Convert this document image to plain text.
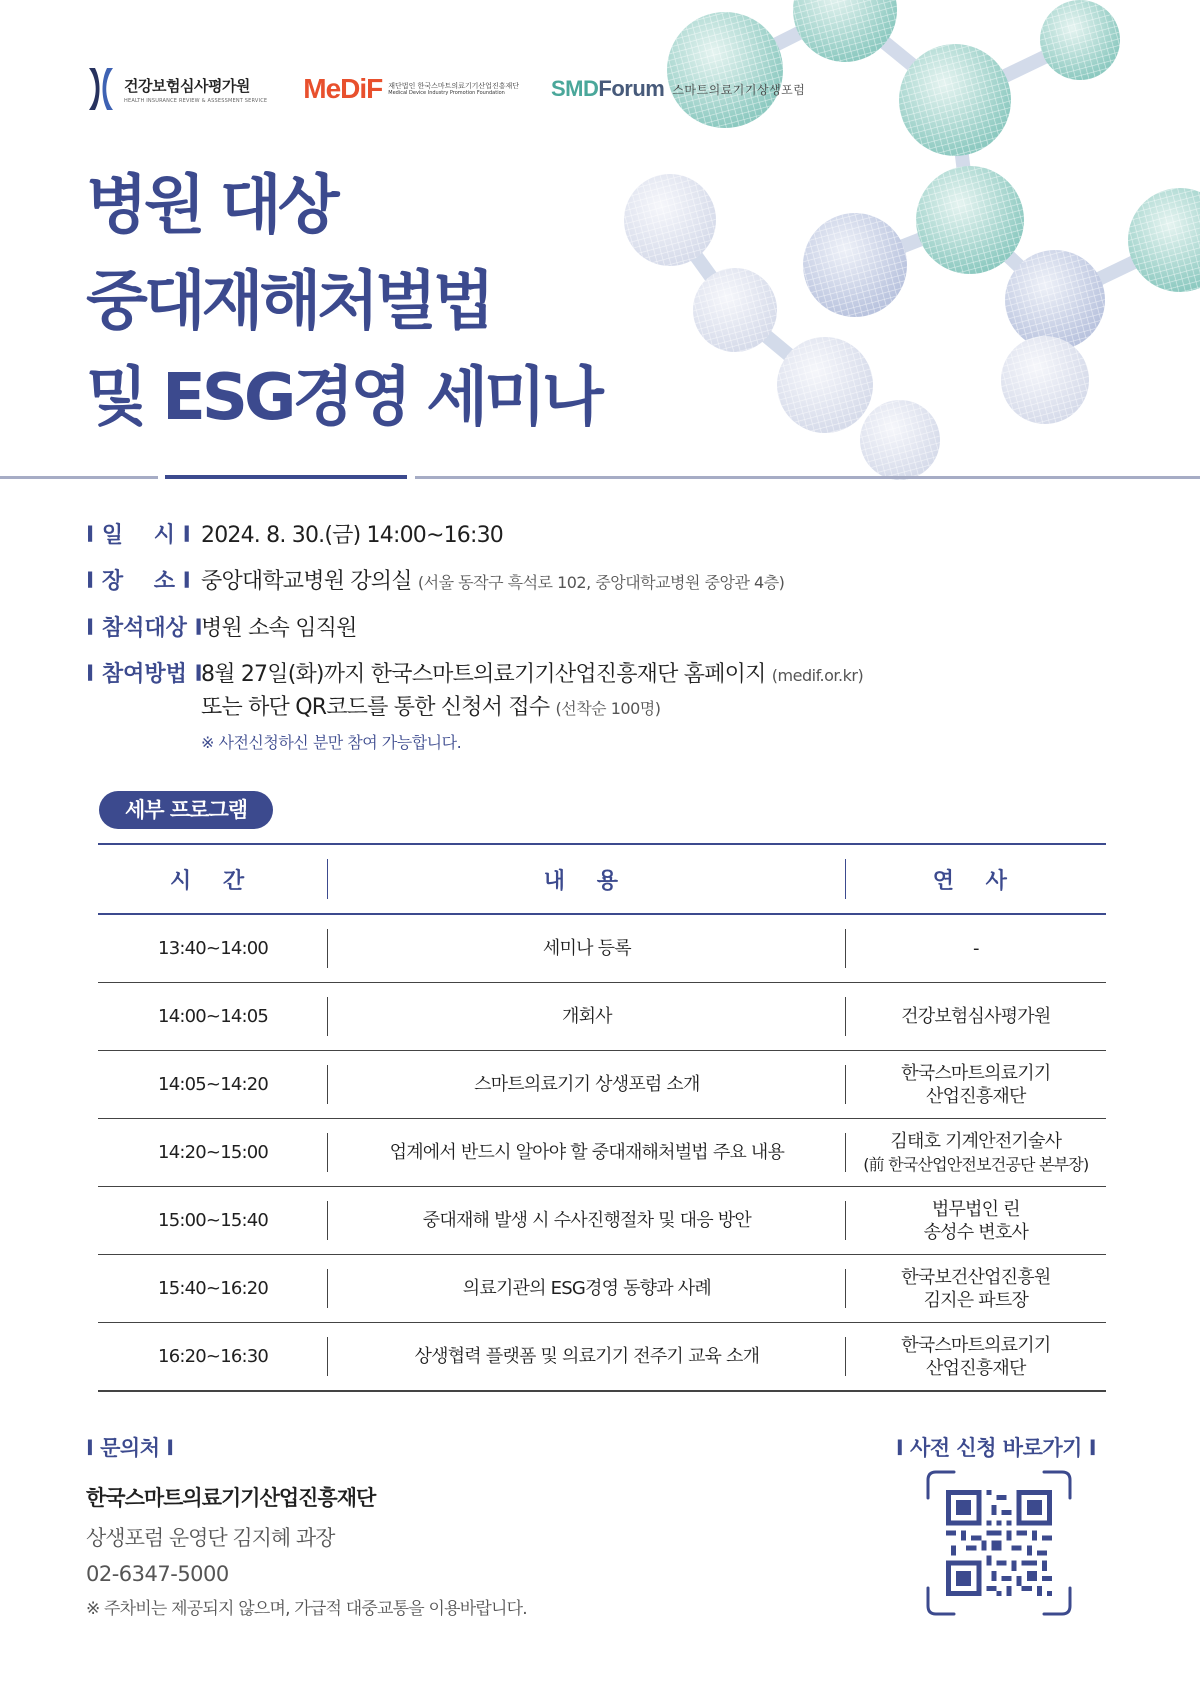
건강보험심사평가원
HEALTH INSURANCE REVIEW & ASSESSMENT SERVICE MeDiF 재단법인 한국스마트의료기기산업진흥재단
Medical Device Industry Promotion Foundation	SMD Forum 스마트의료기기상생포럼
병원 대상
중대재해처벌법
및 ESG경영 세미나
Ι 일    시 Ι 2024. 8. 30.(금) 14:00~16:30
Ι 장    소 Ι 중앙대학교병원 강의실 (서울 동작구 흑석로 102, 중앙대학교병원 중앙관 4층)
Ι 참석대상 Ι
병원 소속 임직원
Ι 참여방법 Ι
8월 27일(화)까지 한국스마트의료기기산업진흥재단 홈페이지 (medif.or.kr)
또는 하단 QR코드를 통한 신청서 접수 (선착순 100명)
※ 사전신청하신 분만 참여 가능합니다.
세부 프로그램
시 간	내 용	연 사
13:40~14:00	세미나 등록	-

14:00~14:05	개회사	건강보험심사평가원

14:05~14:20	스마트의료기기 상생포럼 소개	한국스마트의료기기
산업진흥재단

14:20~15:00	업계에서 반드시 알아야 할 중대재해처벌법 주요 내용	김태호 기계안전기술사
(前 한국산업안전보건공단 본부장)

15:00~15:40	중대재해 발생 시 수사진행절차 및 대응 방안	법무법인 린
송성수 변호사

15:40~16:20	의료기관의 ESG경영 동향과 사례	한국보건산업진흥원
김지은 파트장

16:20~16:30	상생협력 플랫폼 및 의료기기 전주기 교육 소개	한국스마트의료기기
산업진흥재단
Ι 문의처 Ι
한국스마트의료기기산업진흥재단
상생포럼 운영단 김지혜 과장
02-6347-5000
※ 주차비는 제공되지 않으며, 가급적 대중교통을 이용바랍니다.
Ι 사전 신청 바로가기 Ι
